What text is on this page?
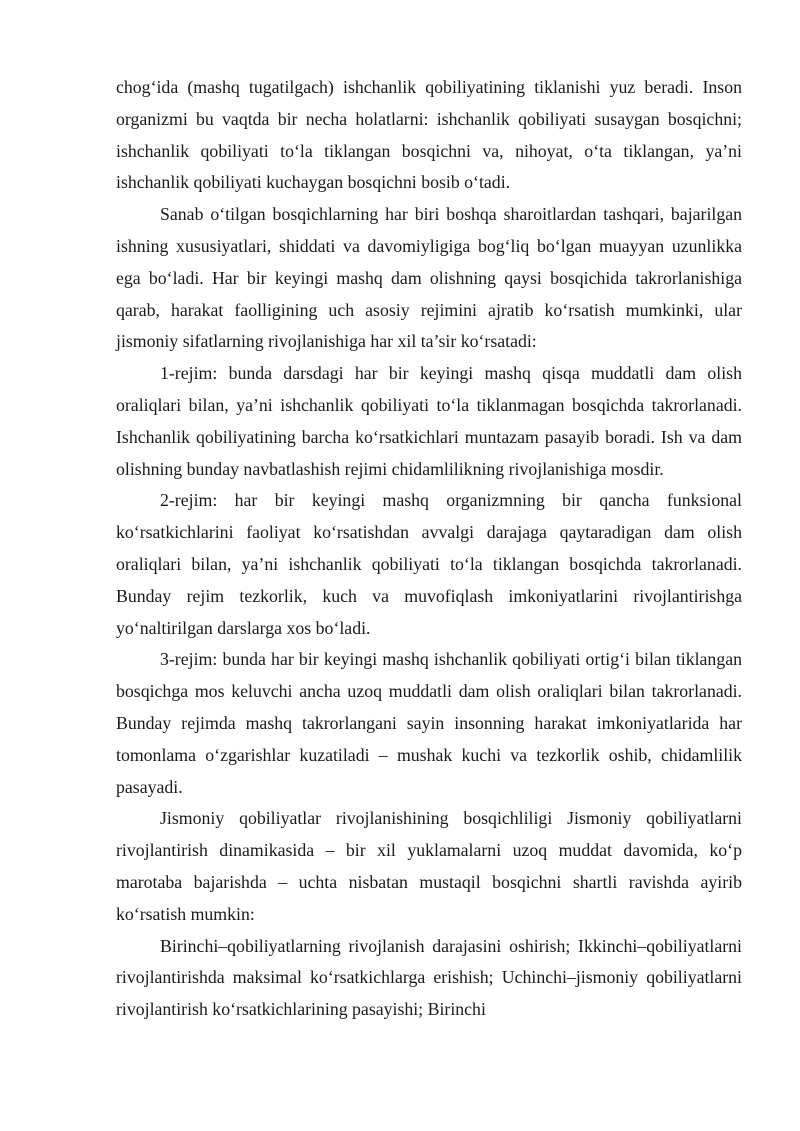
chog‘ida (mashq tugatilgach) ishchanlik qobiliyatining tiklanishi yuz beradi. Inson organizmi bu vaqtda bir necha holatlarni: ishchanlik qobiliyati susaygan bosqichni; ishchanlik qobiliyati to‘la tiklangan bosqichni va, nihoyat, o‘ta tiklangan, ya’ni ishchanlik qobiliyati kuchaygan bosqichni bosib o‘tadi.

Sanab o‘tilgan bosqichlarning har biri boshqa sharoitlardan tashqari, bajarilgan ishning xususiyatlari, shiddati va davomiyligiga bog‘liq bo‘lgan muayyan uzunlikka ega bo‘ladi. Har bir keyingi mashq dam olishning qaysi bosqichida takrorlanishiga qarab, harakat faolligining uch asosiy rejimini ajratib ko‘rsatish mumkinki, ular jismoniy sifatlarning rivojlanishiga har xil ta’sir ko‘rsatadi:

1-rejim: bunda darsdagi har bir keyingi mashq qisqa muddatli dam olish oraliqlari bilan, ya’ni ishchanlik qobiliyati to‘la tiklanmagan bosqichda takrorlanadi. Ishchanlik qobiliyatining barcha ko‘rsatkichlari muntazam pasayib boradi. Ish va dam olishning bunday navbatlashish rejimi chidamlilikning rivojlanishiga mosdir.

2-rejim: har bir keyingi mashq organizmning bir qancha funksional ko‘rsatkichlarini faoliyat ko‘rsatishdan avvalgi darajaga qaytaradigan dam olish oraliqlari bilan, ya’ni ishchanlik qobiliyati to‘la tiklangan bosqichda takrorlanadi. Bunday rejim tezkorlik, kuch va muvofiqlash imkoniyatlarini rivojlantirishga yo‘naltirilgan darslarga xos bo‘ladi.

3-rejim: bunda har bir keyingi mashq ishchanlik qobiliyati ortig‘i bilan tiklangan bosqichga mos keluvchi ancha uzoq muddatli dam olish oraliqlari bilan takrorlanadi. Bunday rejimda mashq takrorlangani sayin insonning harakat imkoniyatlarida har tomonlama o‘zgarishlar kuzatiladi – mushak kuchi va tezkorlik oshib, chidamlilik pasayadi.

Jismoniy qobiliyatlar rivojlanishining bosqichliligi Jismoniy qobiliyatlarni rivojlantirish dinamikasida – bir xil yuklamalarni uzoq muddat davomida, ko‘p marotaba bajarishda – uchta nisbatan mustaqil bosqichni shartli ravishda ayirib ko‘rsatish mumkin:

Birinchi–qobiliyatlarning rivojlanish darajasini oshirish; Ikkinchi–qobiliyatlarni rivojlantirishda maksimal ko‘rsatkichlarga erishish; Uchinchi–jismoniy qobiliyatlarni rivojlantirish ko‘rsatkichlarining pasayishi; Birinchi
